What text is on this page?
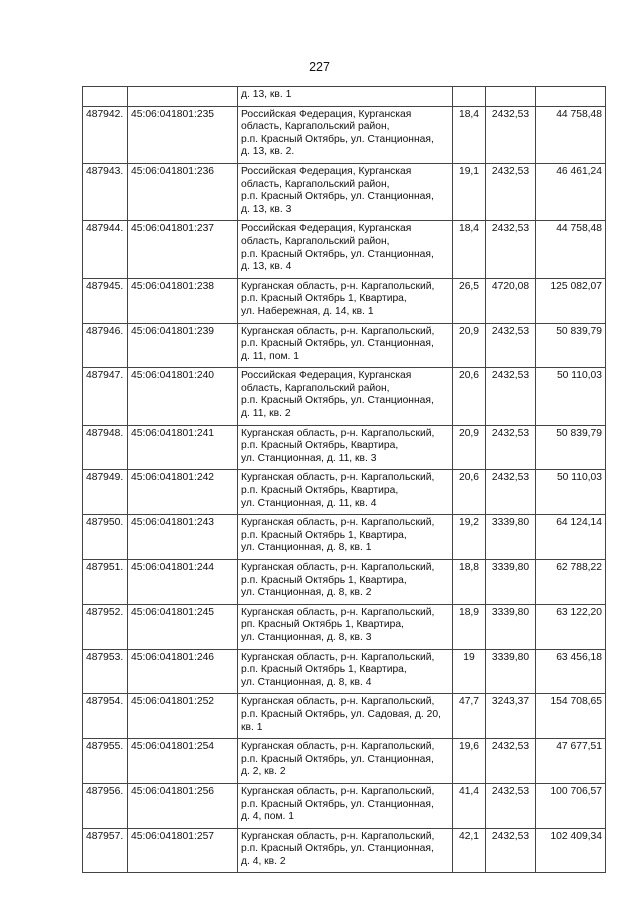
227

		д. 13, кв. 1			

487942.	45:06:041801:235	Российская Федерация, Курганская
область, Каргапольский район,
р.п. Красный Октябрь, ул. Станционная,
д. 13, кв. 2.	18,4	2432,53	44 758,48
487943.	45:06:041801:236	Российская Федерация, Курганская
область, Каргапольский район,
р.п. Красный Октябрь, ул. Станционная,
д. 13, кв. 3	19,1	2432,53	46 461,24
487944.	45:06:041801:237	Российская Федерация, Курганская
область, Каргапольский район,
р.п. Красный Октябрь, ул. Станционная,
д. 13, кв. 4	18,4	2432,53	44 758,48
487945.	45:06:041801:238	Курганская область, р-н. Каргапольский,
р.п. Красный Октябрь 1, Квартира,
ул. Набережная, д. 14, кв. 1	26,5	4720,08	125 082,07
487946.	45:06:041801:239	Курганская область, р-н. Каргапольский,
р.п. Красный Октябрь, ул. Станционная,
д. 11, пом. 1	20,9	2432,53	50 839,79
487947.	45:06:041801:240	Российская Федерация, Курганская
область, Каргапольский район,
р.п. Красный Октябрь, ул. Станционная,
д. 11, кв. 2	20,6	2432,53	50 110,03
487948.	45:06:041801:241	Курганская область, р-н. Каргапольский,
р.п. Красный Октябрь, Квартира,
ул. Станционная, д. 11, кв. 3	20,9	2432,53	50 839,79
487949.	45:06:041801:242	Курганская область, р-н. Каргапольский,
р.п. Красный Октябрь, Квартира,
ул. Станционная, д. 11, кв. 4	20,6	2432,53	50 110,03
487950.	45:06:041801:243	Курганская область, р-н. Каргапольский,
р.п. Красный Октябрь 1, Квартира,
ул. Станционная, д. 8, кв. 1	19,2	3339,80	64 124,14
487951.	45:06:041801:244	Курганская область, р-н. Каргапольский,
р.п. Красный Октябрь 1, Квартира,
ул. Станционная, д. 8, кв. 2	18,8	3339,80	62 788,22
487952.	45:06:041801:245	Курганская область, р-н. Каргапольский,
рп. Красный Октябрь 1, Квартира,
ул. Станционная, д. 8, кв. 3	18,9	3339,80	63 122,20
487953.	45:06:041801:246	Курганская область, р-н. Каргапольский,
р.п. Красный Октябрь 1, Квартира,
ул. Станционная, д. 8, кв. 4	19	3339,80	63 456,18
487954.	45:06:041801:252	Курганская область, р-н. Каргапольский,
р.п. Красный Октябрь, ул. Садовая, д. 20,
кв. 1	47,7	3243,37	154 708,65
487955.	45:06:041801:254	Курганская область, р-н. Каргапольский,
р.п. Красный Октябрь, ул. Станционная,
д. 2, кв. 2	19,6	2432,53	47 677,51
487956.	45:06:041801:256	Курганская область, р-н. Каргапольский,
р.п. Красный Октябрь, ул. Станционная,
д. 4, пом. 1	41,4	2432,53	100 706,57
487957.	45:06:041801:257	Курганская область, р-н. Каргапольский,
р.п. Красный Октябрь, ул. Станционная,
д. 4, кв. 2	42,1	2432,53	102 409,34
